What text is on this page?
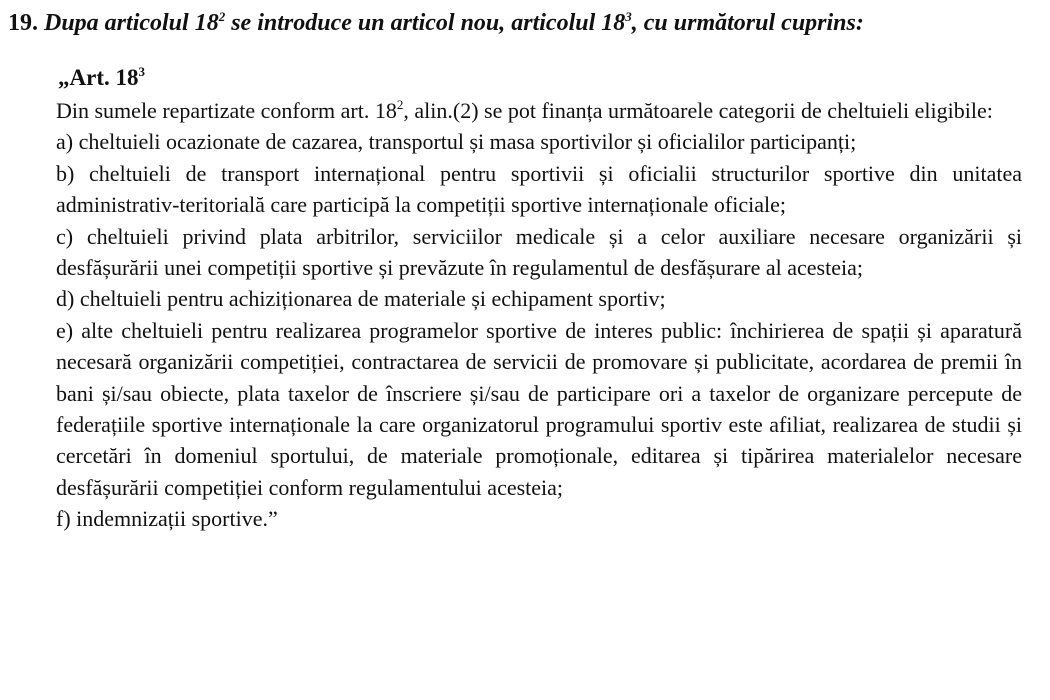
19. Dupa articolul $18^2$ se introduce un articol nou, articolul $18^3$, cu următorul cuprins:
„Art. $18^3$

Din sumele repartizate conform art. $18^2$, alin.(2) se pot finanța următoarele categorii de cheltuieli eligibile:

a) cheltuieli ocazionate de cazarea, transportul și masa sportivilor și oficialilor participanți;

b) cheltuieli de transport internațional pentru sportivii și oficialii structurilor sportive din unitatea administrativ-teritorială care participă la competiții sportive internaționale oficiale;

c) cheltuieli privind plata arbitrilor, serviciilor medicale și a celor auxiliare necesare organizării și desfășurării unei competiții sportive și prevăzute în regulamentul de desfășurare al acesteia;

d) cheltuieli pentru achiziționarea de materiale și echipament sportiv;

e) alte cheltuieli pentru realizarea programelor sportive de interes public: închirierea de spații și aparatură necesară organizării competiției, contractarea de servicii de promovare și publicitate, acordarea de premii în bani și/sau obiecte, plata taxelor de înscriere și/sau de participare ori a taxelor de organizare percepute de federațiile sportive internaționale la care organizatorul programului sportiv este afiliat, realizarea de studii și cercetări în domeniul sportului, de materiale promoționale, editarea și tipărirea materialelor necesare desfășurării competiției conform regulamentului acesteia;

f) indemnizații sportive.”
